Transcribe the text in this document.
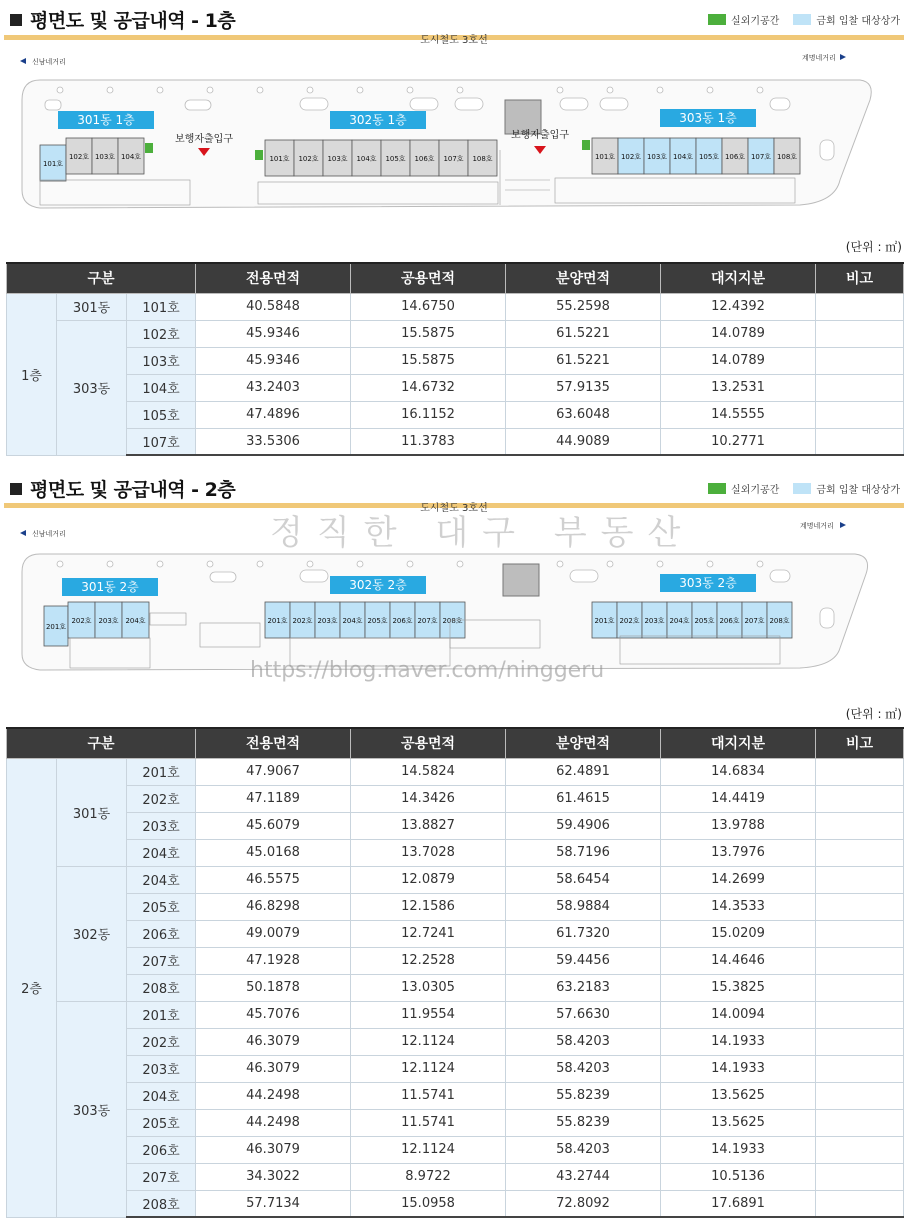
평면도 및 공급내역 - 1층	실외기공간	금회 입찰 대상상가
도시철도 3호선
신남네거리	계명네거리
301동 1층	302동 1층	303동 1층
보행자출입구	보행자출입구
101호
102호 103호 104호	101호 102호 103호 104호 105호 106호 107호 108호	101호 102호 103호 104호 105호 106호 107호 108호
(단위 : ㎡)
구분			전용면적	공용면적	분양면적	대지지분	비고
1층	301동	101호	40.5848	14.6750	55.2598	12.4392	
	303동	102호	45.9346	15.5875	61.5221	14.0789	
		103호	45.9346	15.5875	61.5221	14.0789	
		104호	43.2403	14.6732	57.9135	13.2531	
		105호	47.4896	16.1152	63.6048	14.5555	
		107호	33.5306	11.3783	44.9089	10.2771	
평면도 및 공급내역 - 2층	실외기공간	금회 입찰 대상상가
도시철도 3호선
신남네거리
계명네거리
301동 2층	302동 2층	303동 2층
201호
202호 203호 204호	201호 202호 203호 204호 205호 206호 207호 208호	201호 202호 203호 204호 205호 206호 207호 208호
(단위 : ㎡)
구분			전용면적	공용면적	분양면적	대지지분	비고
2층	301동	201호	47.9067	14.5824	62.4891	14.6834	
		202호	47.1189	14.3426	61.4615	14.4419	
		203호	45.6079	13.8827	59.4906	13.9788	
		204호	45.0168	13.7028	58.7196	13.7976	
	302동	204호	46.5575	12.0879	58.6454	14.2699	
		205호	46.8298	12.1586	58.9884	14.3533	
		206호	49.0079	12.7241	61.7320	15.0209	
		207호	47.1928	12.2528	59.4456	14.4646	
		208호	50.1878	13.0305	63.2183	15.3825	
	303동	201호	45.7076	11.9554	57.6630	14.0094	
		202호	46.3079	12.1124	58.4203	14.1933	
		203호	46.3079	12.1124	58.4203	14.1933	
		204호	44.2498	11.5741	55.8239	13.5625	
		205호	44.2498	11.5741	55.8239	13.5625	
		206호	46.3079	12.1124	58.4203	14.1933	
		207호	34.3022	8.9722	43.2744	10.5136	
		208호	57.7134	15.0958	72.8092	17.6891	
정직한 대구 부동산
https://blog.naver.com/ninggeru
